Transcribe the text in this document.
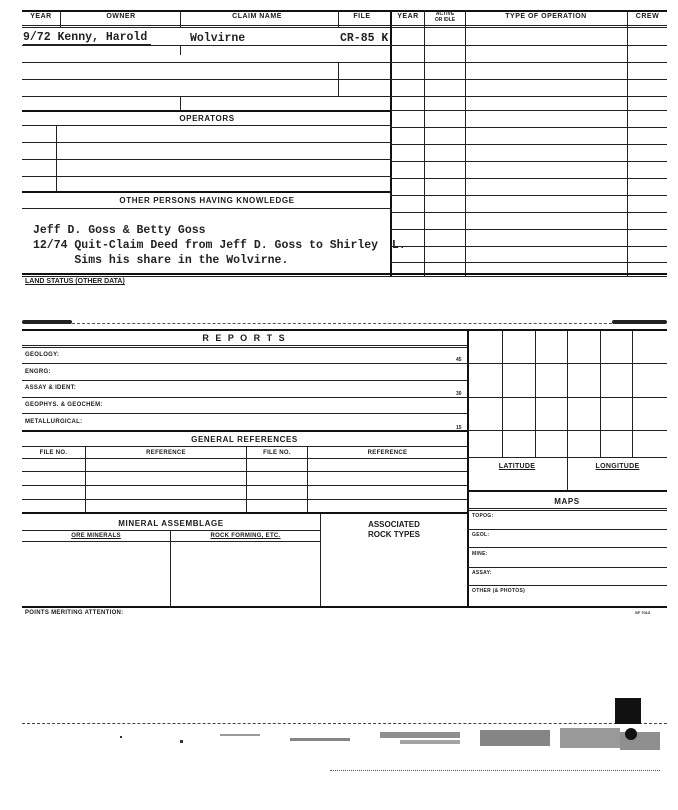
YEAR	OWNER	CLAIM NAME	FILE	YEAR	ACTIVE
OR IDLE	TYPE OF OPERATION	CREW
9/72 Kenny, Harold	Wolvirne	CR-85 K
OPERATORS
OTHER PERSONS HAVING KNOWLEDGE
Jeff D. Goss & Betty Goss
12/74 Quit-Claim Deed from Jeff D. Goss to Shirley  L.
Sims his share in the Wolvirne.
LAND STATUS (OTHER DATA)
R E P O R T S
GEOLOGY:
45
ENGRG:
ASSAY & IDENT:
30
GEOPHYS. & GEOCHEM:
METALLURGICAL:
15
GENERAL REFERENCES
FILE NO.	REFERENCE	FILE NO.	REFERENCE
MINERAL ASSEMBLAGE
ORE MINERALS	ROCK FORMING, ETC.
ASSOCIATED
ROCK TYPES
LATITUDE	LONGITUDE
MAPS
TOPOG:
GEOL:
MINE:
ASSAY:
OTHER (& PHOTOS)
POINTS MERITING ATTENTION:	SF 7013
